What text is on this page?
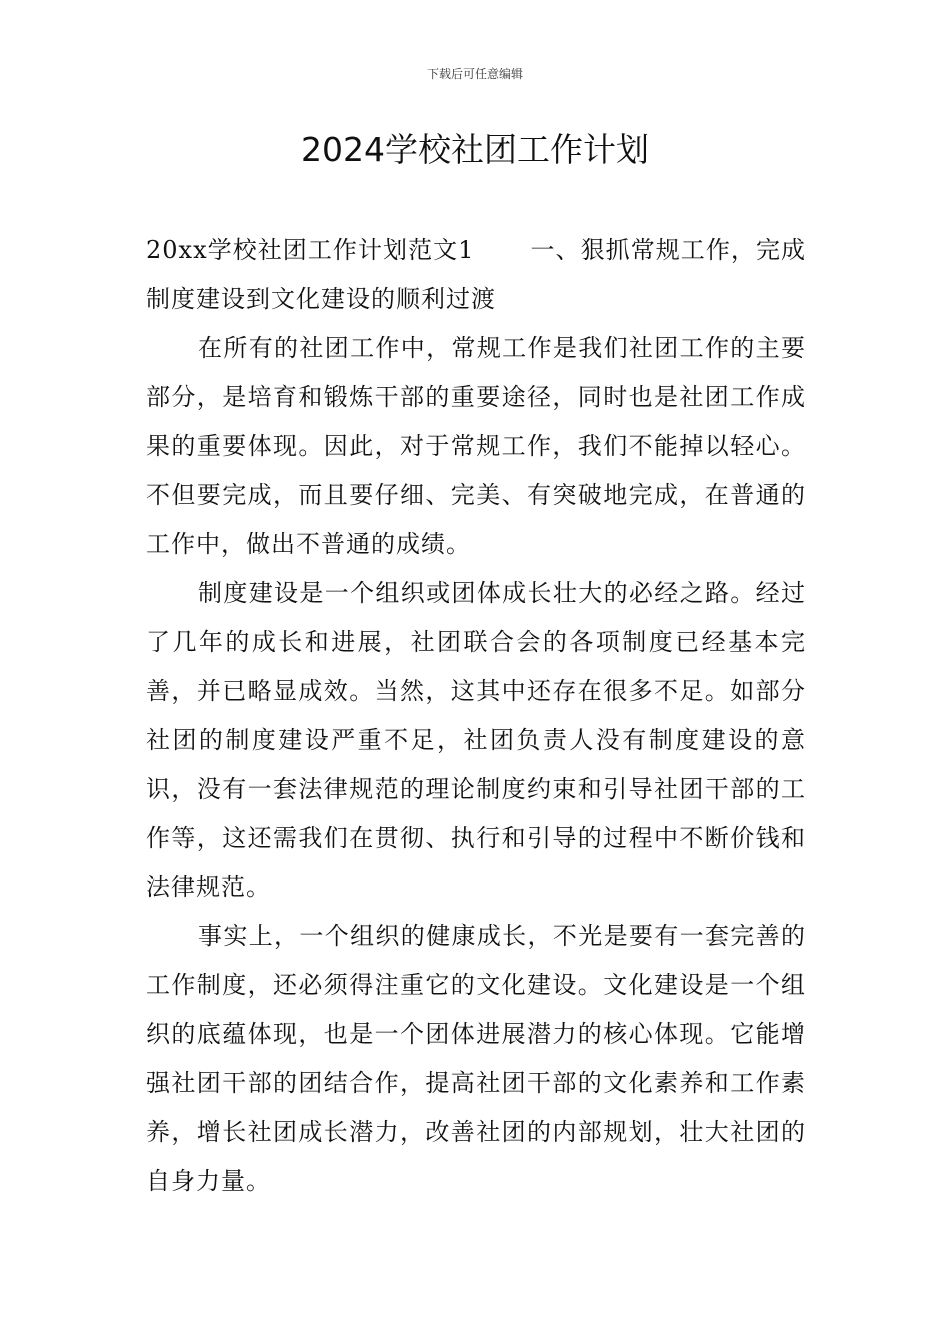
下载后可任意编辑
2024学校社团工作计划

20xx学校社团工作计划范文1 一、狠抓常规工作，完成制度建设到文化建设的顺利过渡

在所有的社团工作中，常规工作是我们社团工作的主要部分，是培育和锻炼干部的重要途径，同时也是社团工作成果的重要体现。因此，对于常规工作，我们不能掉以轻心。不但要完成，而且要仔细、完美、有突破地完成，在普通的工作中，做出不普通的成绩。

制度建设是一个组织或团体成长壮大的必经之路。经过了几年的成长和进展，社团联合会的各项制度已经基本完善，并已略显成效。当然，这其中还存在很多不足。如部分社团的制度建设严重不足，社团负责人没有制度建设的意识，没有一套法律规范的理论制度约束和引导社团干部的工作等，这还需我们在贯彻、执行和引导的过程中不断价钱和法律规范。

事实上，一个组织的健康成长，不光是要有一套完善的工作制度，还必须得注重它的文化建设。文化建设是一个组织的底蕴体现，也是一个团体进展潜力的核心体现。它能增强社团干部的团结合作，提高社团干部的文化素养和工作素养，增长社团成长潜力，改善社团的内部规划，壮大社团的自身力量。
